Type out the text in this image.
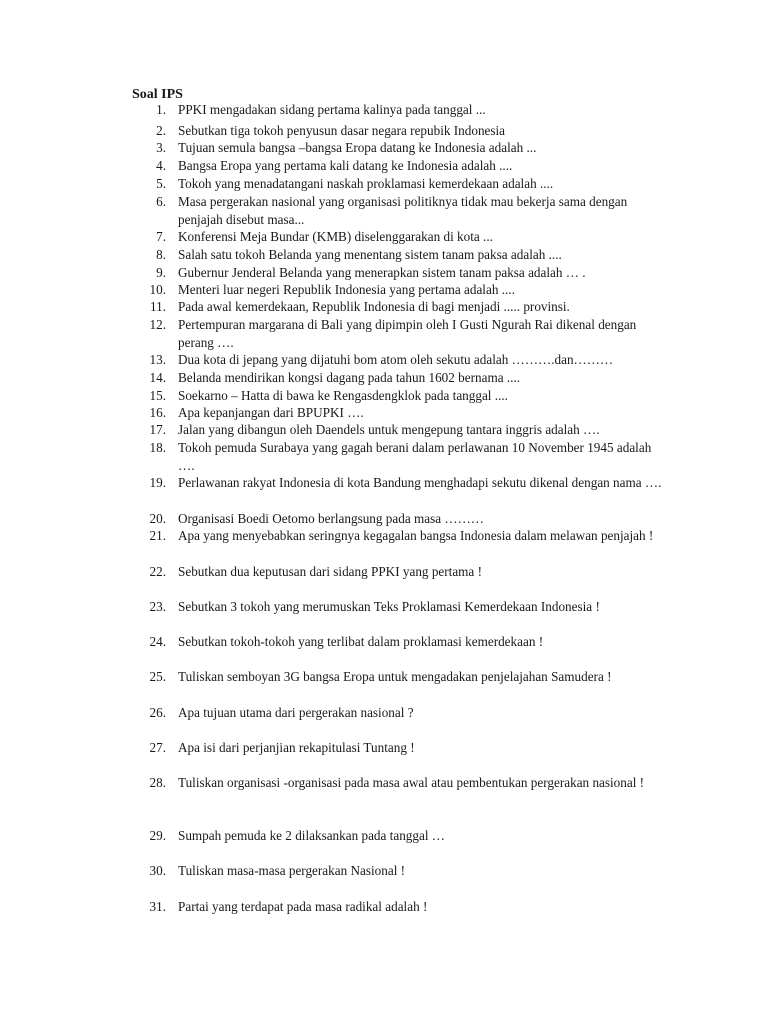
Soal IPS
1. PPKI mengadakan sidang pertama kalinya pada tanggal ...
2. Sebutkan tiga tokoh penyusun dasar negara repubik Indonesia
3. Tujuan semula bangsa –bangsa Eropa datang ke Indonesia adalah ...
4. Bangsa Eropa yang pertama kali datang ke Indonesia adalah ....
5. Tokoh yang menadatangani naskah proklamasi kemerdekaan adalah ....
6. Masa pergerakan nasional yang organisasi politiknya tidak mau bekerja sama dengan penjajah disebut masa...
7. Konferensi Meja Bundar (KMB) diselenggarakan di kota ...
8. Salah satu tokoh Belanda yang menentang sistem tanam paksa adalah ....
9. Gubernur Jenderal Belanda yang menerapkan sistem tanam paksa adalah … .
10. Menteri luar negeri Republik Indonesia yang pertama adalah ....
11. Pada awal kemerdekaan, Republik Indonesia di bagi menjadi ..... provinsi.
12. Pertempuran margarana di Bali yang dipimpin oleh I Gusti Ngurah Rai dikenal dengan perang ….
13. Dua kota di jepang yang dijatuhi bom atom oleh sekutu adalah ……….dan………
14. Belanda mendirikan kongsi dagang pada tahun 1602 bernama ....
15. Soekarno – Hatta di bawa ke Rengasdengklok pada tanggal ....
16. Apa kepanjangan dari BPUPKI ….
17. Jalan yang dibangun oleh Daendels untuk mengepung tantara inggris adalah ….
18. Tokoh pemuda Surabaya yang gagah berani dalam perlawanan 10 November 1945 adalah ….
19. Perlawanan rakyat Indonesia di kota Bandung menghadapi sekutu dikenal dengan nama ….
20. Organisasi Boedi Oetomo berlangsung pada masa ………
21. Apa yang menyebabkan seringnya kegagalan bangsa Indonesia dalam melawan penjajah !
22. Sebutkan dua keputusan dari sidang PPKI yang pertama !
23. Sebutkan 3 tokoh yang merumuskan Teks Proklamasi Kemerdekaan Indonesia !
24. Sebutkan tokoh-tokoh yang terlibat dalam proklamasi kemerdekaan !
25. Tuliskan semboyan 3G bangsa Eropa untuk mengadakan penjelajahan Samudera !
26. Apa tujuan utama dari pergerakan nasional ?
27. Apa isi dari perjanjian rekapitulasi Tuntang !
28. Tuliskan organisasi -organisasi pada masa awal atau pembentukan pergerakan nasional !
29. Sumpah pemuda ke 2 dilaksankan pada tanggal …
30. Tuliskan masa-masa pergerakan Nasional !
31. Partai yang terdapat pada masa radikal adalah !
